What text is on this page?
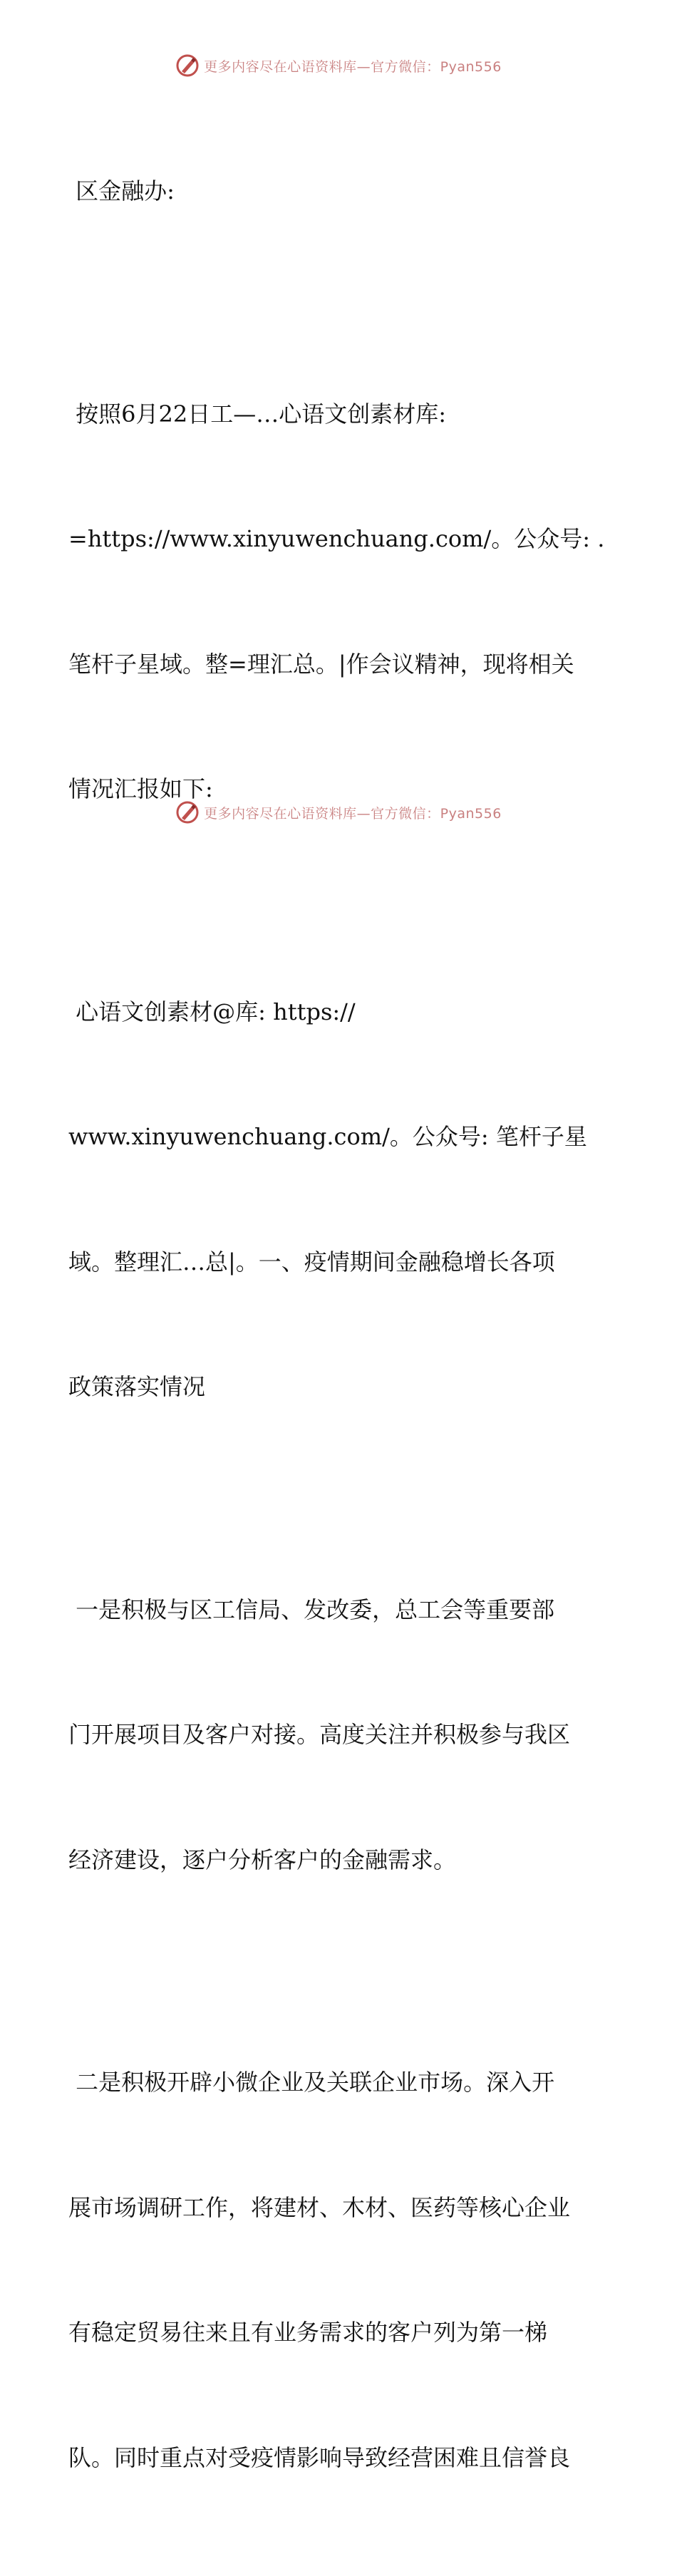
更多内容尽在心语资料库—官方微信：Pyan556

区金融办:

按照6月22日工—…心语文创素材库:

=https://www.xinyuwenchuang.com/。公众号: .

笔杆子星域。整=理汇总。|作会议精神，现将相关

情况汇报如下:

心语文创素材@库: https://

www.xinyuwenchuang.com/。公众号: 笔杆子星

域。整理汇…总|。一、疫情期间金融稳增长各项

政策落实情况

一是积极与区工信局、发改委，总工会等重要部

门开展项目及客户对接。高度关注并积极参与我区

经济建设，逐户分析客户的金融需求。

二是积极开辟小微企业及关联企业市场。深入开

展市场调研工作，将建材、木材、医药等核心企业

有稳定贸易往来且有业务需求的客户列为第一梯

队。同时重点对受疫情影响导致经营困难且信誉良

更多内容尽在心语资料库—官方微信：Pyan556
